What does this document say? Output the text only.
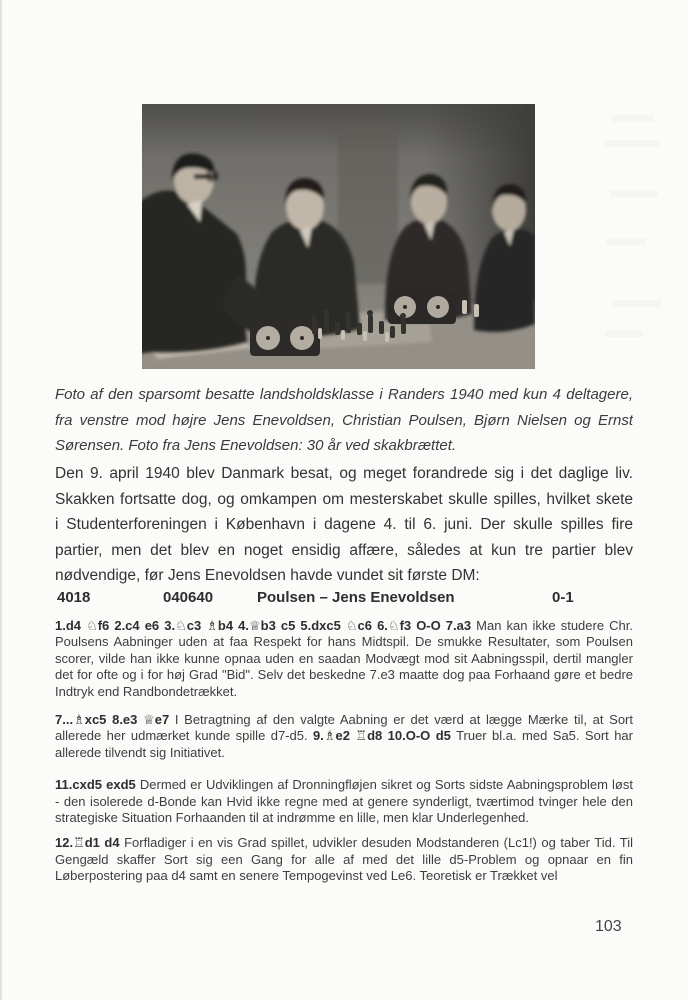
Foto af den sparsomt besatte landsholdsklasse i Randers 1940 med kun 4 deltagere,
fra venstre mod højre Jens Enevoldsen, Christian Poulsen, Bjørn Nielsen og Ernst
Sørensen. Foto fra Jens Enevoldsen: 30 år ved skakbrættet.
Den 9. april 1940 blev Danmark besat, og meget forandrede sig i det daglige liv.
Skakken fortsatte dog, og omkampen om mesterskabet skulle spilles, hvilket skete
i Studenterforeningen i København i dagene 4. til 6. juni. Der skulle spilles fire
partier, men det blev en noget ensidig affære, således at kun tre partier blev
nødvendige, før Jens Enevoldsen havde vundet sit første DM:
4018	040640	Poulsen – Jens Enevoldsen	0-1

1.d4 ♘f6 2.c4 e6 3.♘c3 ♗b4 4.♕b3 c5 5.dxc5 ♘c6 6.♘f3 O-O 7.a3 Man kan ikke studere Chr. Poulsens Aabninger uden at faa Respekt for hans Midtspil. De smukke Resultater, som Poulsen scorer, vilde han ikke kunne opnaa uden en saadan Modvægt mod sit Aabningsspil, dertil mangler det for ofte og i for høj Grad "Bid". Selv det beskedne 7.e3 maatte dog paa Forhaand gøre et bedre Indtryk end Randbondetrækket.

7...♗xc5 8.e3 ♕e7 I Betragtning af den valgte Aabning er det værd at lægge Mærke til, at Sort allerede her udmærket kunde spille d7-d5. 9.♗e2 ♖d8 10.O-O d5 Truer bl.a. med Sa5. Sort har allerede tilvendt sig Initiativet.

11.cxd5 exd5 Dermed er Udviklingen af Dronningfløjen sikret og Sorts sidste Aabningsproblem løst - den isolerede d-Bonde kan Hvid ikke regne med at genere synderligt, tværtimod tvinger hele den strategiske Situation Forhaanden til at indrømme en lille, men klar Underlegenhed.

12.♖d1 d4 Forfladiger i en vis Grad spillet, udvikler desuden Modstanderen (Lc1!) og taber Tid. Til Gengæld skaffer Sort sig een Gang for alle af med det lille d5-Problem og opnaar en fin Løberpostering paa d4 samt en senere Tempogevinst ved Le6. Teoretisk er Trækket vel

103
